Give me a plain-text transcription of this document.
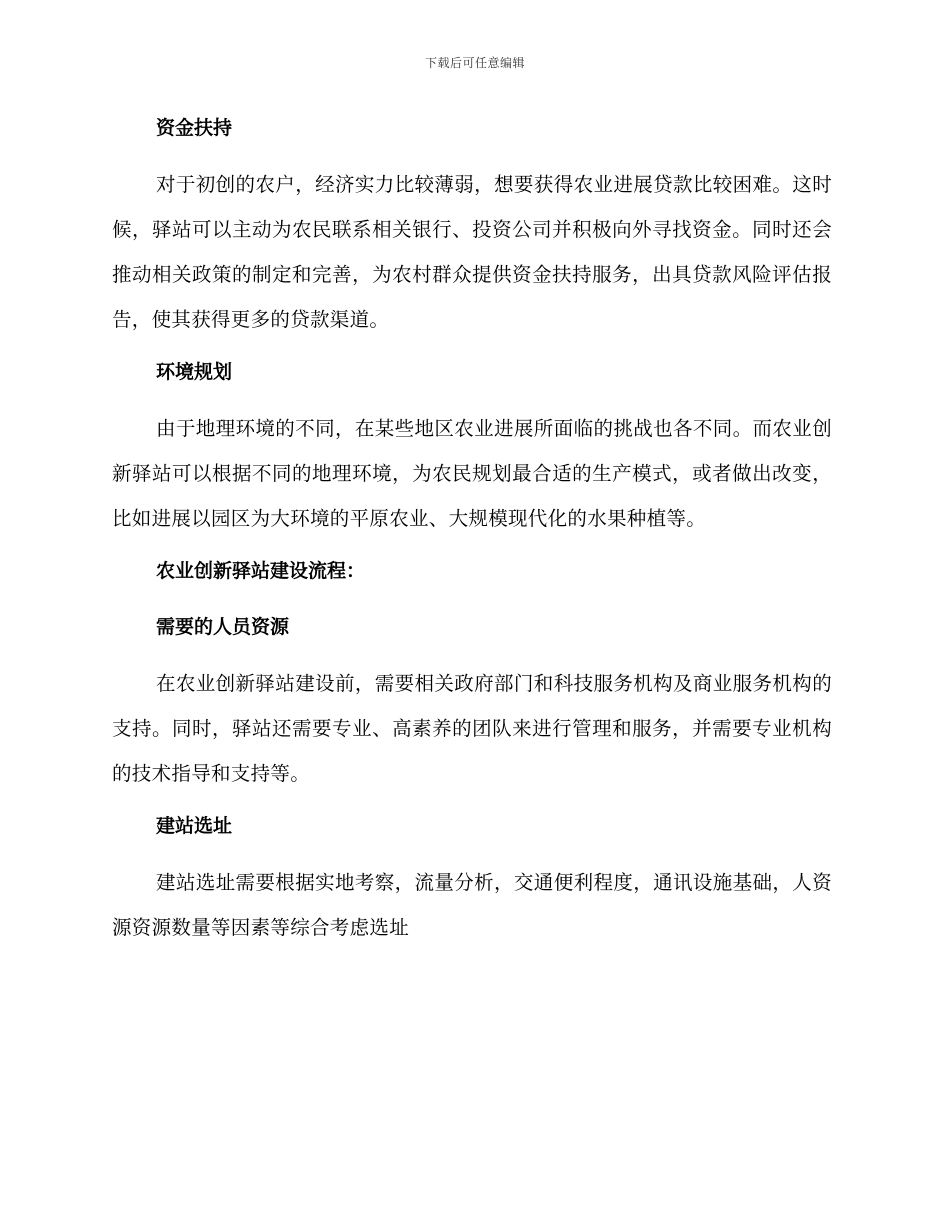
下载后可任意编辑
资金扶持

对于初创的农户，经济实力比较薄弱，想要获得农业进展贷款比较困难。这时候，驿站可以主动为农民联系相关银行、投资公司并积极向外寻找资金。同时还会推动相关政策的制定和完善，为农村群众提供资金扶持服务，出具贷款风险评估报告，使其获得更多的贷款渠道。

环境规划

由于地理环境的不同，在某些地区农业进展所面临的挑战也各不同。而农业创新驿站可以根据不同的地理环境，为农民规划最合适的生产模式，或者做出改变，比如进展以园区为大环境的平原农业、大规模现代化的水果种植等。

农业创新驿站建设流程：
需要的人员资源

在农业创新驿站建设前，需要相关政府部门和科技服务机构及商业服务机构的支持。同时，驿站还需要专业、高素养的团队来进行管理和服务，并需要专业机构的技术指导和支持等。

建站选址

建站选址需要根据实地考察，流量分析，交通便利程度，通讯设施基础，人资源资源数量等因素等综合考虑选址
